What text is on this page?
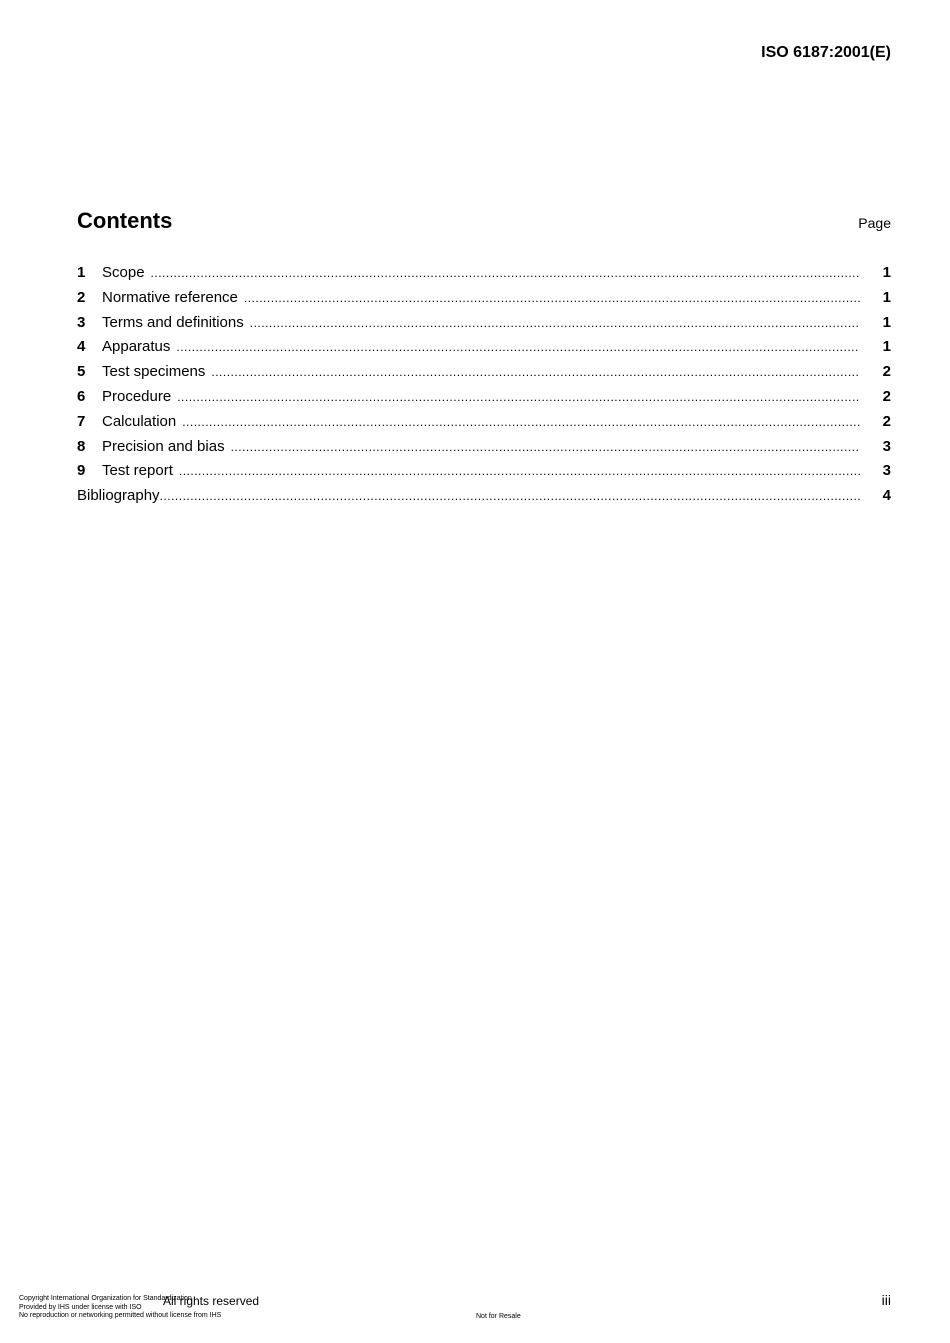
ISO 6187:2001(E)
Contents	Page
1	Scope .....	1
2	Normative reference .....	1
3	Terms and definitions .....	1
4	Apparatus .....	1
5	Test specimens .....	2
6	Procedure .....	2
7	Calculation .....	2
8	Precision and bias .....	3
9	Test report .....	3
Bibliography .....	4
Copyright International Organization for Standardization
Provided by IHS under license with ISO
No reproduction or networking permitted without license from IHS
All rights reserved
Not for Resale
iii
